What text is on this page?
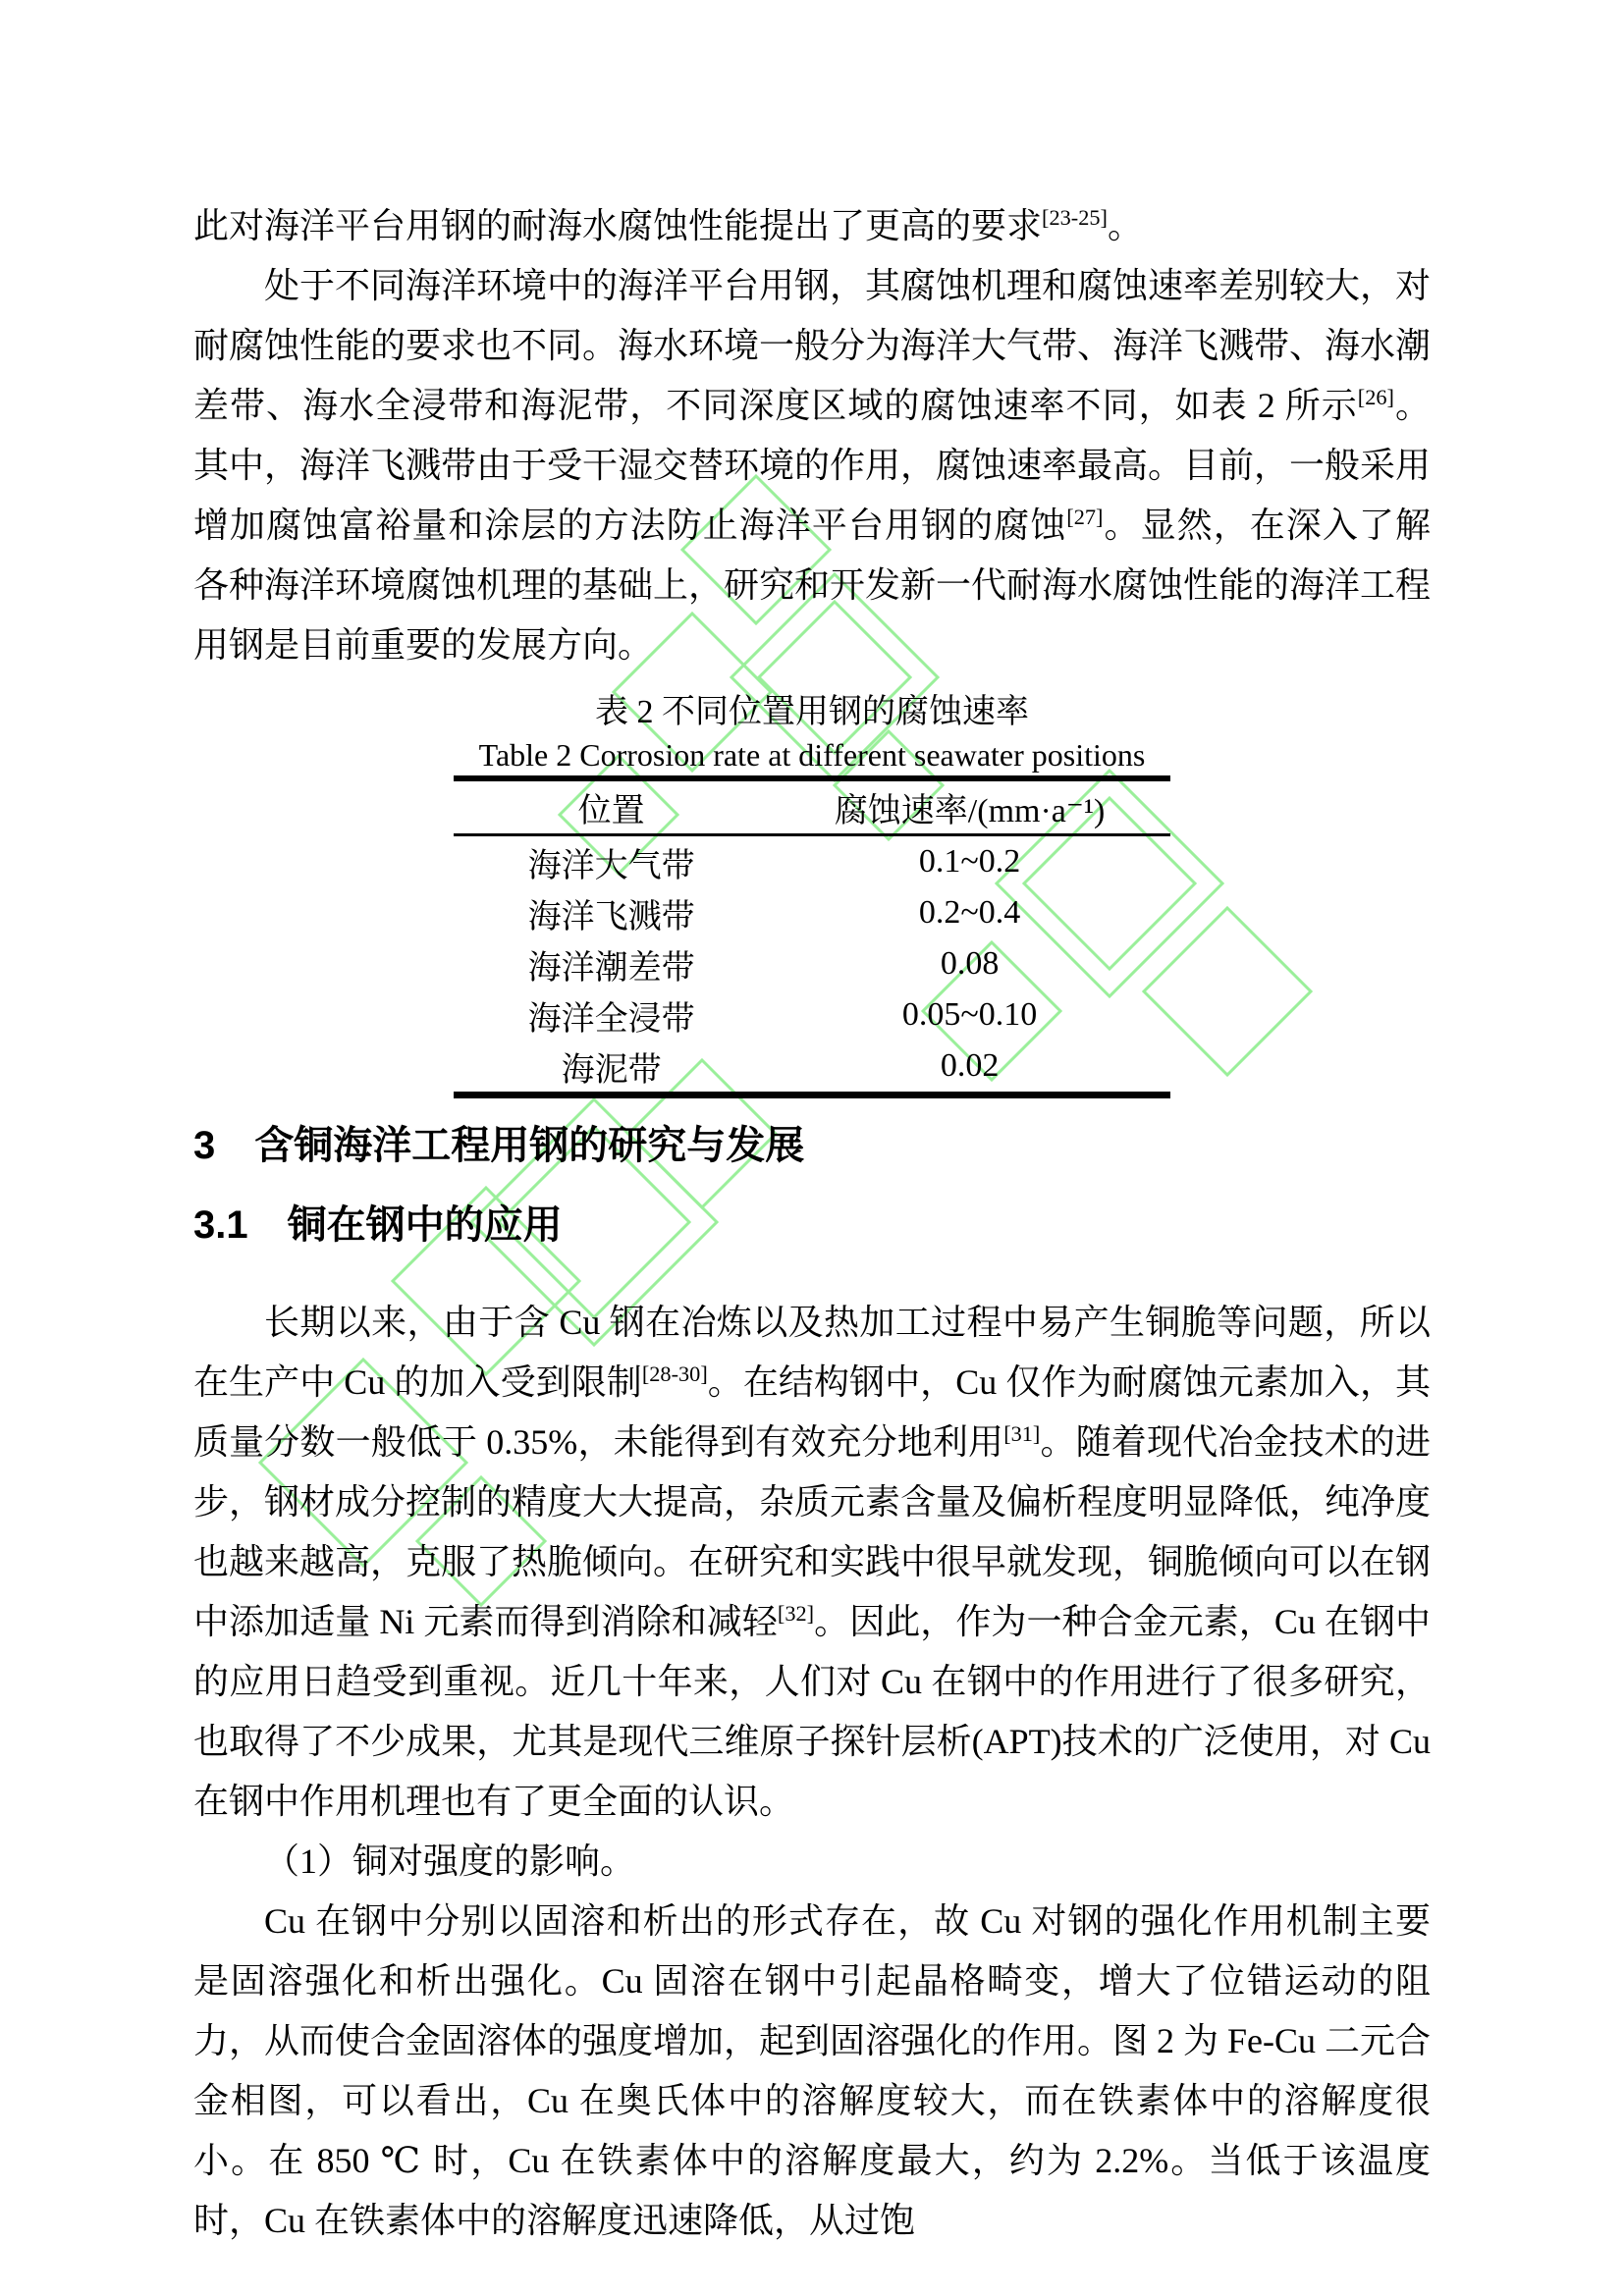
此对海洋平台用钢的耐海水腐蚀性能提出了更高的要求[23-25]。

处于不同海洋环境中的海洋平台用钢，其腐蚀机理和腐蚀速率差别较大，对耐腐蚀性能的要求也不同。海水环境一般分为海洋大气带、海洋飞溅带、海水潮差带、海水全浸带和海泥带，不同深度区域的腐蚀速率不同，如表 2 所示[26]。其中，海洋飞溅带由于受干湿交替环境的作用，腐蚀速率最高。目前，一般采用增加腐蚀富裕量和涂层的方法防止海洋平台用钢的腐蚀[27]。显然，在深入了解各种海洋环境腐蚀机理的基础上，研究和开发新一代耐海水腐蚀性能的海洋工程用钢是目前重要的发展方向。

表 2 不同位置用钢的腐蚀速率
Table 2 Corrosion rate at different seawater positions
位置	腐蚀速率/(mm·a⁻¹)
海洋大气带	0.1~0.2
海洋飞溅带	0.2~0.4
海洋潮差带	0.08
海洋全浸带	0.05~0.10
海泥带	0.02
3　含铜海洋工程用钢的研究与发展
3.1　铜在钢中的应用

长期以来，由于含 Cu 钢在冶炼以及热加工过程中易产生铜脆等问题，所以在生产中 Cu 的加入受到限制[28-30]。在结构钢中，Cu 仅作为耐腐蚀元素加入，其质量分数一般低于 0.35%，未能得到有效充分地利用[31]。随着现代冶金技术的进步，钢材成分控制的精度大大提高，杂质元素含量及偏析程度明显降低，纯净度也越来越高，克服了热脆倾向。在研究和实践中很早就发现，铜脆倾向可以在钢中添加适量 Ni 元素而得到消除和减轻[32]。因此，作为一种合金元素，Cu 在钢中的应用日趋受到重视。近几十年来，人们对 Cu 在钢中的作用进行了很多研究，也取得了不少成果，尤其是现代三维原子探针层析(APT)技术的广泛使用，对 Cu 在钢中作用机理也有了更全面的认识。

（1）铜对强度的影响。

Cu 在钢中分别以固溶和析出的形式存在，故 Cu 对钢的强化作用机制主要是固溶强化和析出强化。Cu 固溶在钢中引起晶格畸变，增大了位错运动的阻力，从而使合金固溶体的强度增加，起到固溶强化的作用。图 2 为 Fe-Cu 二元合金相图，可以看出，Cu 在奥氏体中的溶解度较大，而在铁素体中的溶解度很小。在 850 ℃ 时，Cu 在铁素体中的溶解度最大，约为 2.2%。当低于该温度时，Cu 在铁素体中的溶解度迅速降低，从过饱
